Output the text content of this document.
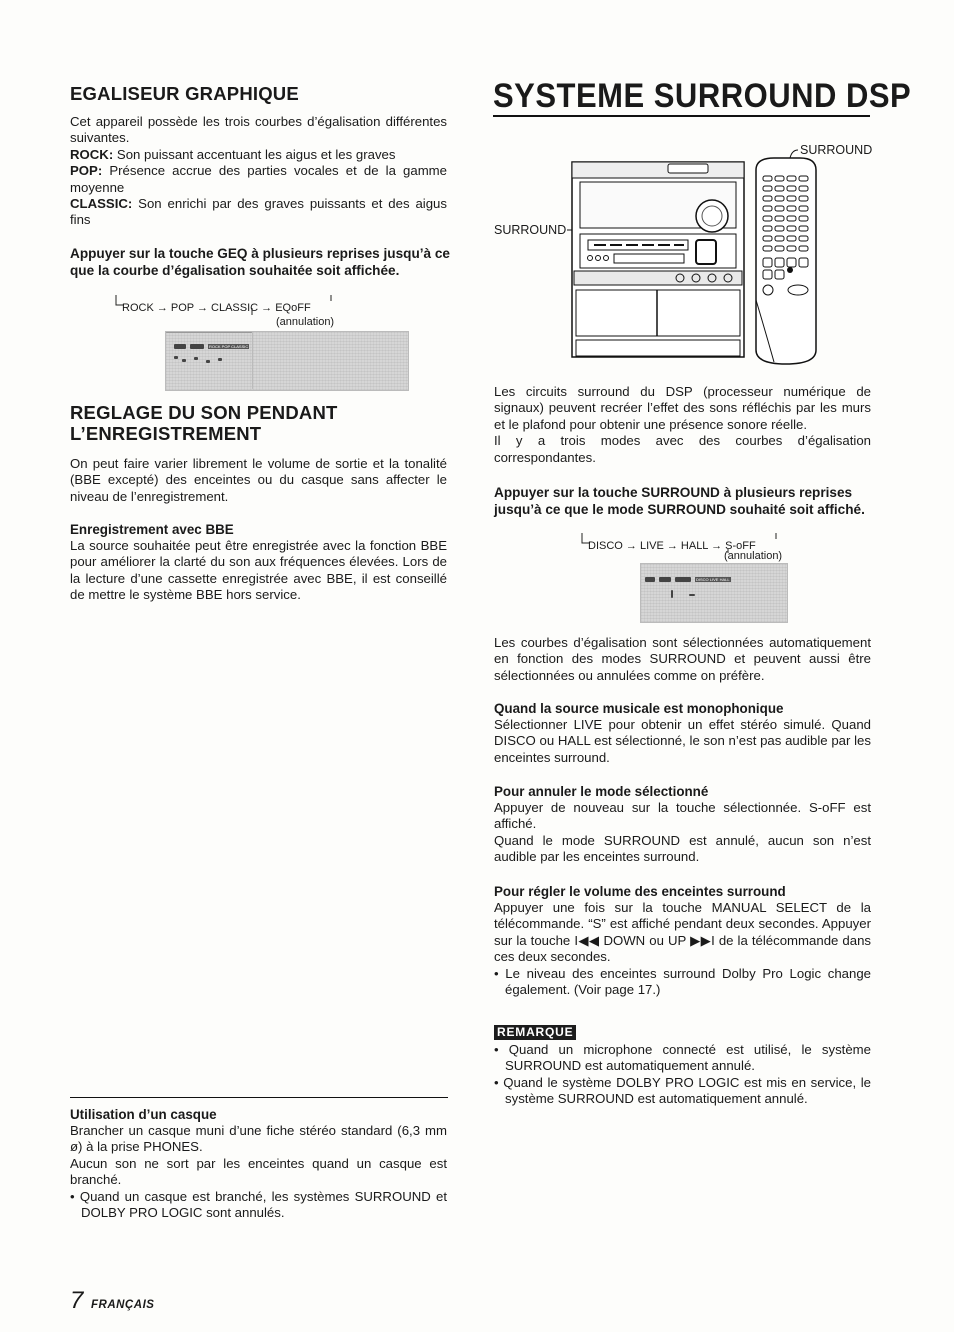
EGALISEUR GRAPHIQUE

Cet appareil possède les trois courbes d’égalisation différentes suivantes.

ROCK: Son puissant accentuant les aigus et les graves

POP: Présence accrue des parties vocales et de la gamme moyenne

CLASSIC: Son enrichi par des graves puissants et des aigus fins

Appuyer sur la touche GEQ à plusieurs reprises jusqu’à ce que la courbe d’égalisation souhaitée soit affichée.
ROCK → POP → CLASSIC → EQoFF
(annulation)
ROCK POP CLASSIC
REGLAGE DU SON PENDANT
L’ENREGISTREMENT
On peut faire varier librement le volume de sortie et la tonalité (BBE excepté) des enceintes ou du casque sans affecter le niveau de l’enregistrement.
Enregistrement avec BBE
La source souhaitée peut être enregistrée avec la fonction BBE pour améliorer la clarté du son aux fréquences élevées. Lors de la lecture d’une cassette enregistrée avec BBE, il est conseillé de mettre le système BBE hors service.
Utilisation d’un casque

Brancher un casque muni d’une fiche stéréo standard (6,3 mm ø) à la prise PHONES.

Aucun son ne sort par les enceintes quand un casque est branché.

• Quand un casque est branché, les systèmes SURROUND et DOLBY PRO LOGIC sont annulés.

SYSTEME SURROUND DSP
SURROUND
SURROUND

Les circuits surround du DSP (processeur numérique de signaux) peuvent recréer l’effet des sons réfléchis par les murs et le plafond pour obtenir une présence sonore réelle.

Il y a trois modes avec des courbes d’égalisation correspondantes.

Appuyer sur la touche SURROUND à plusieurs reprises jusqu’à ce que le mode SURROUND souhaité soit affiché.
DISCO → LIVE → HALL → S-oFF
(annulation)
DISCO LIVE HALL
Les courbes d’égalisation sont sélectionnées automatiquement en fonction des modes SURROUND et peuvent aussi être sélectionnées ou annulées comme on préfère.
Quand la source musicale est monophonique
Sélectionner LIVE pour obtenir un effet stéréo simulé. Quand DISCO ou HALL est sélectionné, le son n’est pas audible par les enceintes surround.
Pour annuler le mode sélectionné

Appuyer de nouveau sur la touche sélectionnée. S-oFF est affiché.

Quand le mode SURROUND est annulé, aucun son n’est audible par les enceintes surround.

Pour régler le volume des enceintes surround

Appuyer une fois sur la touche MANUAL SELECT de la télécommande. “S” est affiché pendant deux secondes. Appuyer sur la touche I◀◀ DOWN ou UP ▶▶I de la télécommande dans ces deux secondes.

• Le niveau des enceintes surround Dolby Pro Logic change également. (Voir page 17.)

REMARQUE

• Quand un microphone connecté est utilisé, le système SURROUND est automatiquement annulé.

• Quand le système DOLBY PRO LOGIC est mis en service, le système SURROUND est automatiquement annulé.

7 FRANÇAIS
